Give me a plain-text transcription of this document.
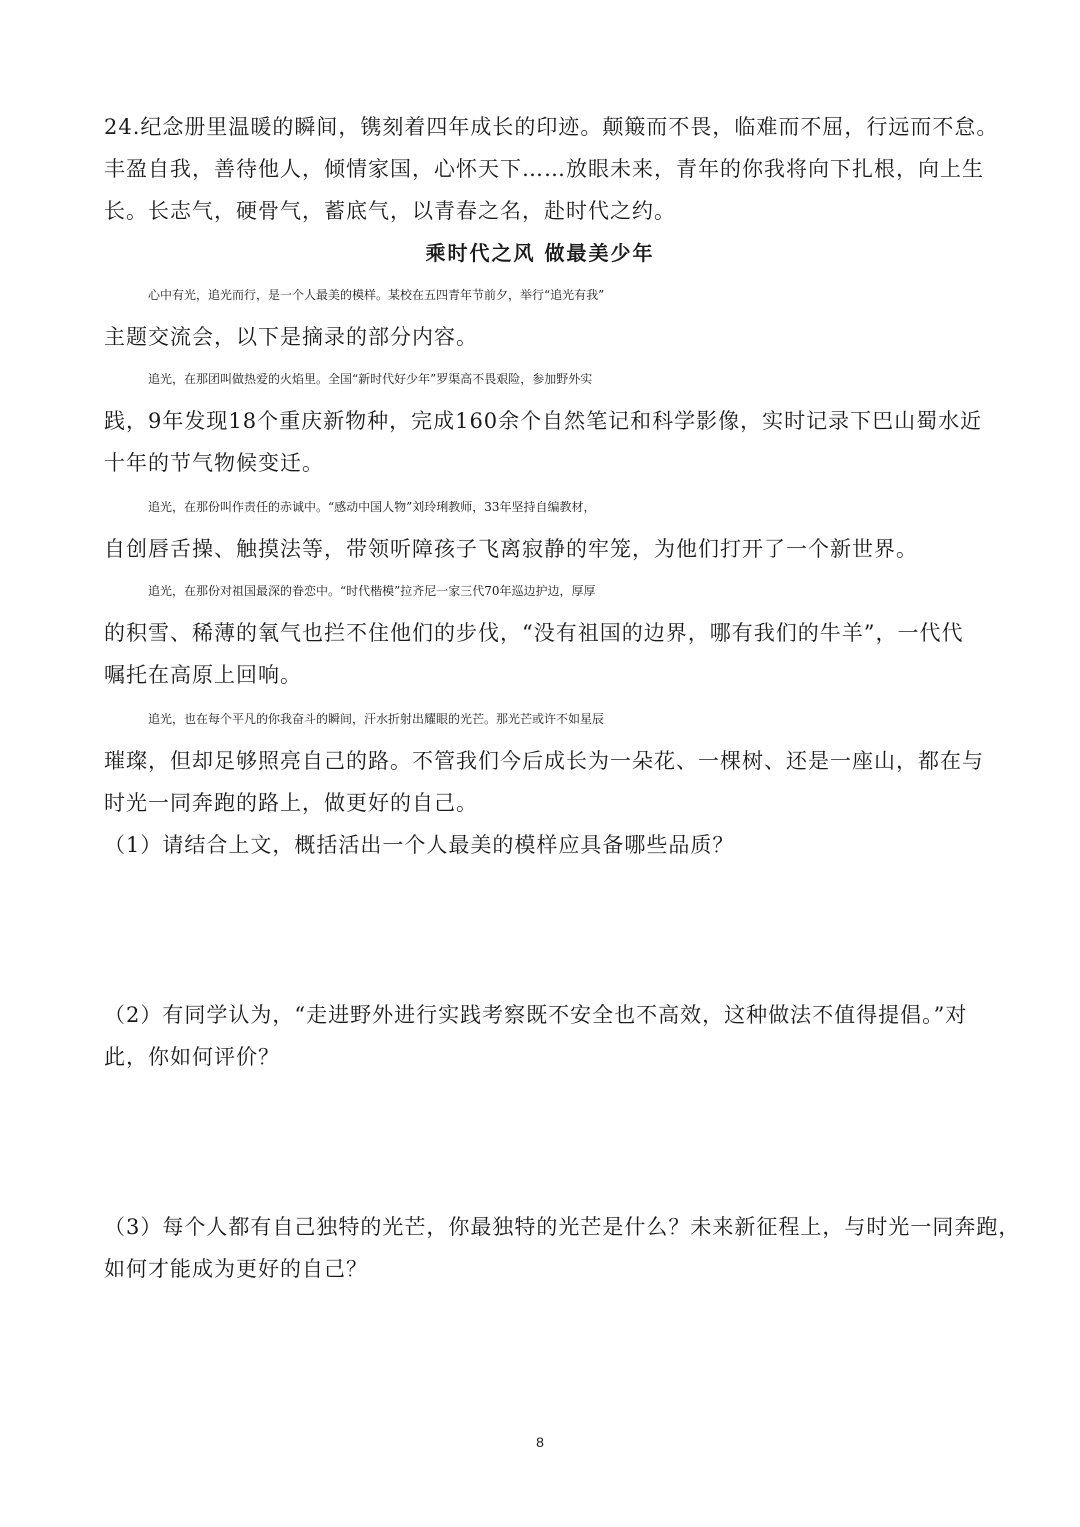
24.纪念册里温暖的瞬间，镌刻着四年成长的印迹。颠簸而不畏，临难而不屈，行远而不怠。
丰盈自我，善待他人，倾情家国，心怀天下……放眼未来，青年的你我将向下扎根，向上生
长。长志气，硬骨气，蓄底气，以青春之名，赴时代之约。
乘时代之风 做最美少年
心中有光，追光而行，是一个人最美的模样。某校在五四青年节前夕，举行“追光有我”
主题交流会，以下是摘录的部分内容。
追光，在那团叫做热爱的火焰里。全国“新时代好少年”罗渠高不畏艰险，参加野外实
践，9年发现18个重庆新物种，完成160余个自然笔记和科学影像，实时记录下巴山蜀水近
十年的节气物候变迁。
追光，在那份叫作责任的赤诚中。“感动中国人物”刘玲琍教师，33年坚持自编教材，
自创唇舌操、触摸法等，带领听障孩子飞离寂静的牢笼，为他们打开了一个新世界。
追光，在那份对祖国最深的眷恋中。“时代楷模”拉齐尼一家三代70年巡边护边，厚厚
的积雪、稀薄的氧气也拦不住他们的步伐，“没有祖国的边界，哪有我们的牛羊”，一代代
嘱托在高原上回响。
追光，也在每个平凡的你我奋斗的瞬间，汗水折射出耀眼的光芒。那光芒或许不如星辰
璀璨，但却足够照亮自己的路。不管我们今后成长为一朵花、一棵树、还是一座山，都在与
时光一同奔跑的路上，做更好的自己。
（1）请结合上文，概括活出一个人最美的模样应具备哪些品质？
（2）有同学认为，“走进野外进行实践考察既不安全也不高效，这种做法不值得提倡。”对
此，你如何评价？
（3）每个人都有自己独特的光芒，你最独特的光芒是什么？未来新征程上，与时光一同奔跑，
如何才能成为更好的自己？
8
